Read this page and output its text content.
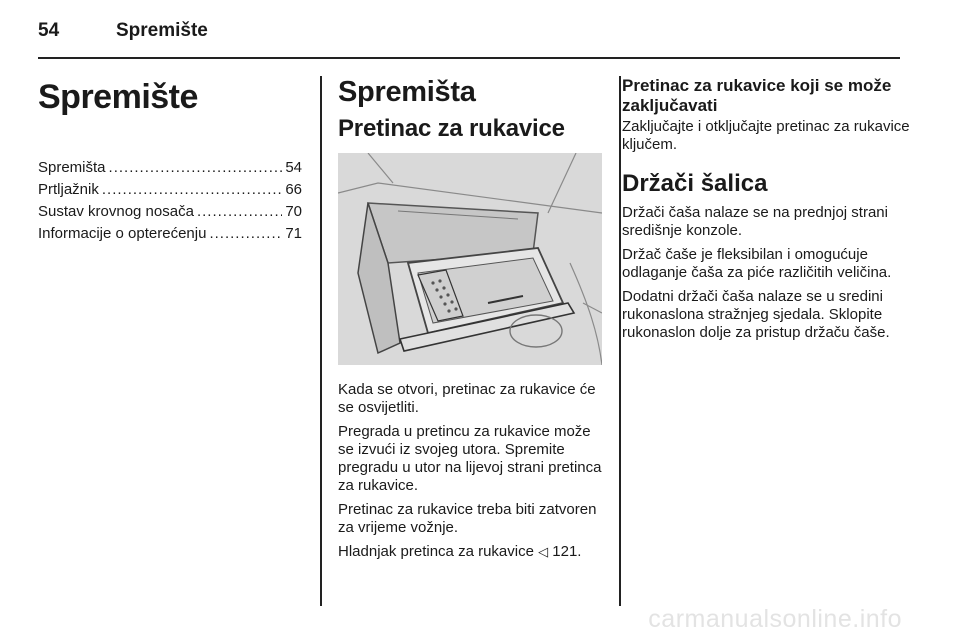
54	Spremište
Spremište
Spremišta .....	54
Prtljažnik .....	66
Sustav krovnog nosača .....	70
Informacije o opterećenju .....	71
Spremišta
Pretinac za rukavice

Kada se otvori, pretinac za rukavice će se osvijetliti.

Pregrada u pretincu za rukavice može se izvući iz svojeg utora. Spremite pregradu u utor na lijevoj strani pretinca za rukavice.

Pretinac za rukavice treba biti zatvoren za vrijeme vožnje.

Hladnjak pretinca za rukavice ◁ 121.

Pretinac za rukavice koji se može zaključavati

Zaključajte i otključajte pretinac za rukavice ključem.

Držači šalica

Držači čaša nalaze se na prednjoj strani središnje konzole.

Držač čaše je fleksibilan i omogućuje odlaganje čaša za piće različitih veličina.

Dodatni držači čaša nalaze se u sredini rukonaslona stražnjeg sjedala. Sklopite rukonaslon dolje za pristup držaču čaše.

carmanualsonline.info
